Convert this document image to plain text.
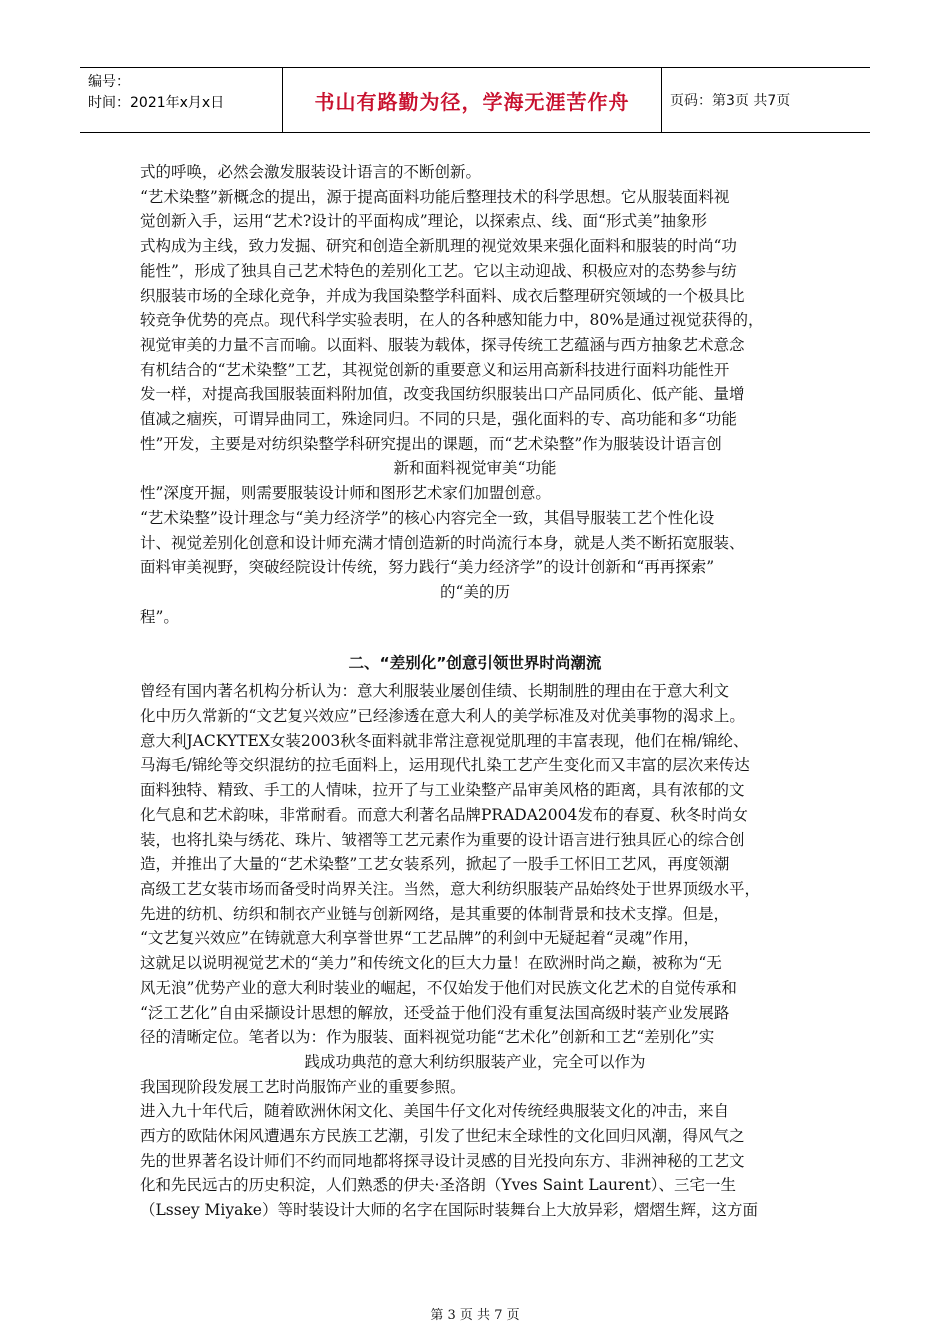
编号：
时间：2021年x月x日	书山有路勤为径，学海无涯苦作舟	页码：第3页 共7页
式的呼唤，必然会激发服装设计语言的不断创新。
“艺术染整”新概念的提出，源于提高面料功能后整理技术的科学思想。它从服装面料视
觉创新入手，运用“艺术?设计的平面构成”理论，以探索点、线、面“形式美”抽象形
式构成为主线，致力发掘、研究和创造全新肌理的视觉效果来强化面料和服装的时尚“功
能性”，形成了独具自己艺术特色的差别化工艺。它以主动迎战、积极应对的态势参与纺
织服装市场的全球化竞争，并成为我国染整学科面料、成衣后整理研究领域的一个极具比
较竞争优势的亮点。现代科学实验表明，在人的各种感知能力中，80%是通过视觉获得的，
视觉审美的力量不言而喻。以面料、服装为载体，探寻传统工艺蕴涵与西方抽象艺术意念
有机结合的“艺术染整”工艺，其视觉创新的重要意义和运用高新科技进行面料功能性开
发一样，对提高我国服装面料附加值，改变我国纺织服装出口产品同质化、低产能、量增
值减之痼疾，可谓异曲同工，殊途同归。不同的只是，强化面料的专、高功能和多“功能
性”开发，主要是对纺织染整学科研究提出的课题，而“艺术染整”作为服装设计语言创
新和面料视觉审美“功能
性”深度开掘，则需要服装设计师和图形艺术家们加盟创意。
“艺术染整”设计理念与“美力经济学”的核心内容完全一致，其倡导服装工艺个性化设
计、视觉差别化创意和设计师充满才情创造新的时尚流行本身，就是人类不断拓宽服装、
面料审美视野，突破经院设计传统，努力践行“美力经济学”的设计创新和“再再探索”
的“美的历
程”。
二、“差别化”创意引领世界时尚潮流
曾经有国内著名机构分析认为：意大利服装业屡创佳绩、长期制胜的理由在于意大利文
化中历久常新的“文艺复兴效应”已经渗透在意大利人的美学标准及对优美事物的渴求上。
意大利JACKYTEX女装2003秋冬面料就非常注意视觉肌理的丰富表现，他们在棉/锦纶、
马海毛/锦纶等交织混纺的拉毛面料上，运用现代扎染工艺产生变化而又丰富的层次来传达
面料独特、精致、手工的人情味，拉开了与工业染整产品审美风格的距离，具有浓郁的文
化气息和艺术韵味，非常耐看。而意大利著名品牌PRADA2004发布的春夏、秋冬时尚女
装，也将扎染与绣花、珠片、皱褶等工艺元素作为重要的设计语言进行独具匠心的综合创
造，并推出了大量的“艺术染整”工艺女装系列，掀起了一股手工怀旧工艺风，再度领潮
高级工艺女装市场而备受时尚界关注。当然，意大利纺织服装产品始终处于世界顶级水平，
先进的纺机、纺织和制衣产业链与创新网络，是其重要的体制背景和技术支撑。但是，
“文艺复兴效应”在铸就意大利享誉世界“工艺品牌”的利剑中无疑起着“灵魂”作用，
这就足以说明视觉艺术的“美力”和传统文化的巨大力量！在欧洲时尚之巅，被称为“无
风无浪”优势产业的意大利时装业的崛起，不仅始发于他们对民族文化艺术的自觉传承和
“泛工艺化”自由采撷设计思想的解放，还受益于他们没有重复法国高级时装产业发展路
径的清晰定位。笔者以为：作为服装、面料视觉功能“艺术化”创新和工艺“差别化”实
践成功典范的意大利纺织服装产业，完全可以作为
我国现阶段发展工艺时尚服饰产业的重要参照。
进入九十年代后，随着欧洲休闲文化、美国牛仔文化对传统经典服装文化的冲击，来自
西方的欧陆休闲风遭遇东方民族工艺潮，引发了世纪末全球性的文化回归风潮，得风气之
先的世界著名设计师们不约而同地都将探寻设计灵感的目光投向东方、非洲神秘的工艺文
化和先民远古的历史积淀，人们熟悉的伊夫·圣洛朗（Yves Saint Laurent）、三宅一生
（Lssey Miyake）等时装设计大师的名字在国际时装舞台上大放异彩，熠熠生辉，这方面
第 3 页 共 7 页
